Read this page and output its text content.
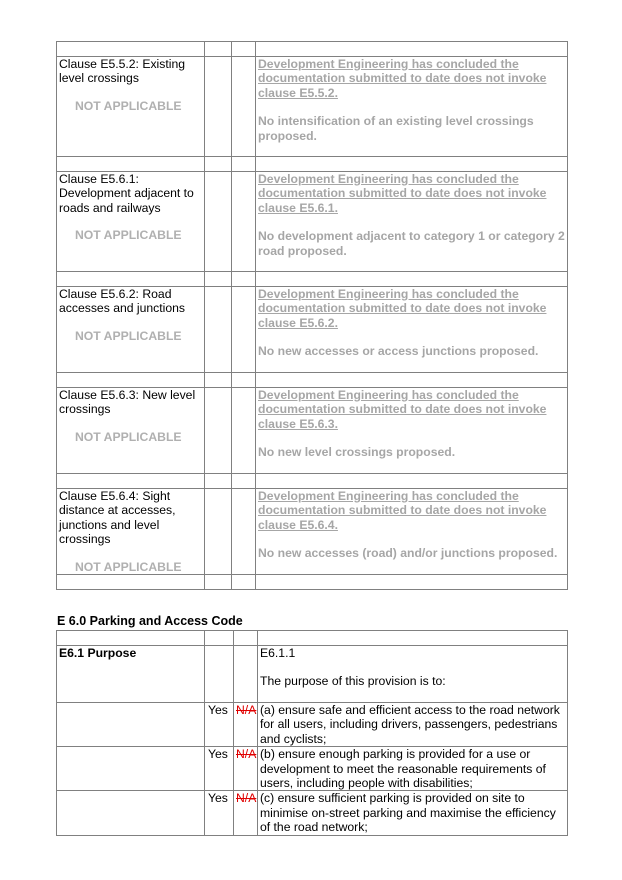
Clause E5.5.2: Existing level crossings
NOT APPLICABLE			Development Engineering has concluded the documentation submitted to date does not invoke clause E5.5.2.
No intensification of an existing level crossings proposed.

Clause E5.6.1: Development adjacent to roads and railways
NOT APPLICABLE			Development Engineering has concluded the documentation submitted to date does not invoke clause E5.6.1.
No development adjacent to category 1 or category 2 road proposed.

Clause E5.6.2: Road accesses and junctions
NOT APPLICABLE			Development Engineering has concluded the documentation submitted to date does not invoke clause E5.6.2.
No new accesses or access junctions proposed.

Clause E5.6.3: New level crossings
NOT APPLICABLE			Development Engineering has concluded the documentation submitted to date does not invoke clause E5.6.3.
No new level crossings proposed.

Clause E5.6.4: Sight distance at accesses, junctions and level crossings
NOT APPLICABLE			Development Engineering has concluded the documentation submitted to date does not invoke clause E5.6.4.
No new accesses (road) and/or junctions proposed.

E 6.0 Parking and Access Code

E6.1 Purpose			E6.1.1
The purpose of this provision is to:
	Yes	N/A	(a) ensure safe and efficient access to the road network for all users, including drivers, passengers, pedestrians and cyclists;
	Yes	N/A	(b) ensure enough parking is provided for a use or development to meet the reasonable requirements of users, including people with disabilities;
	Yes	N/A	(c) ensure sufficient parking is provided on site to minimise on-street parking and maximise the efficiency of the road network;
